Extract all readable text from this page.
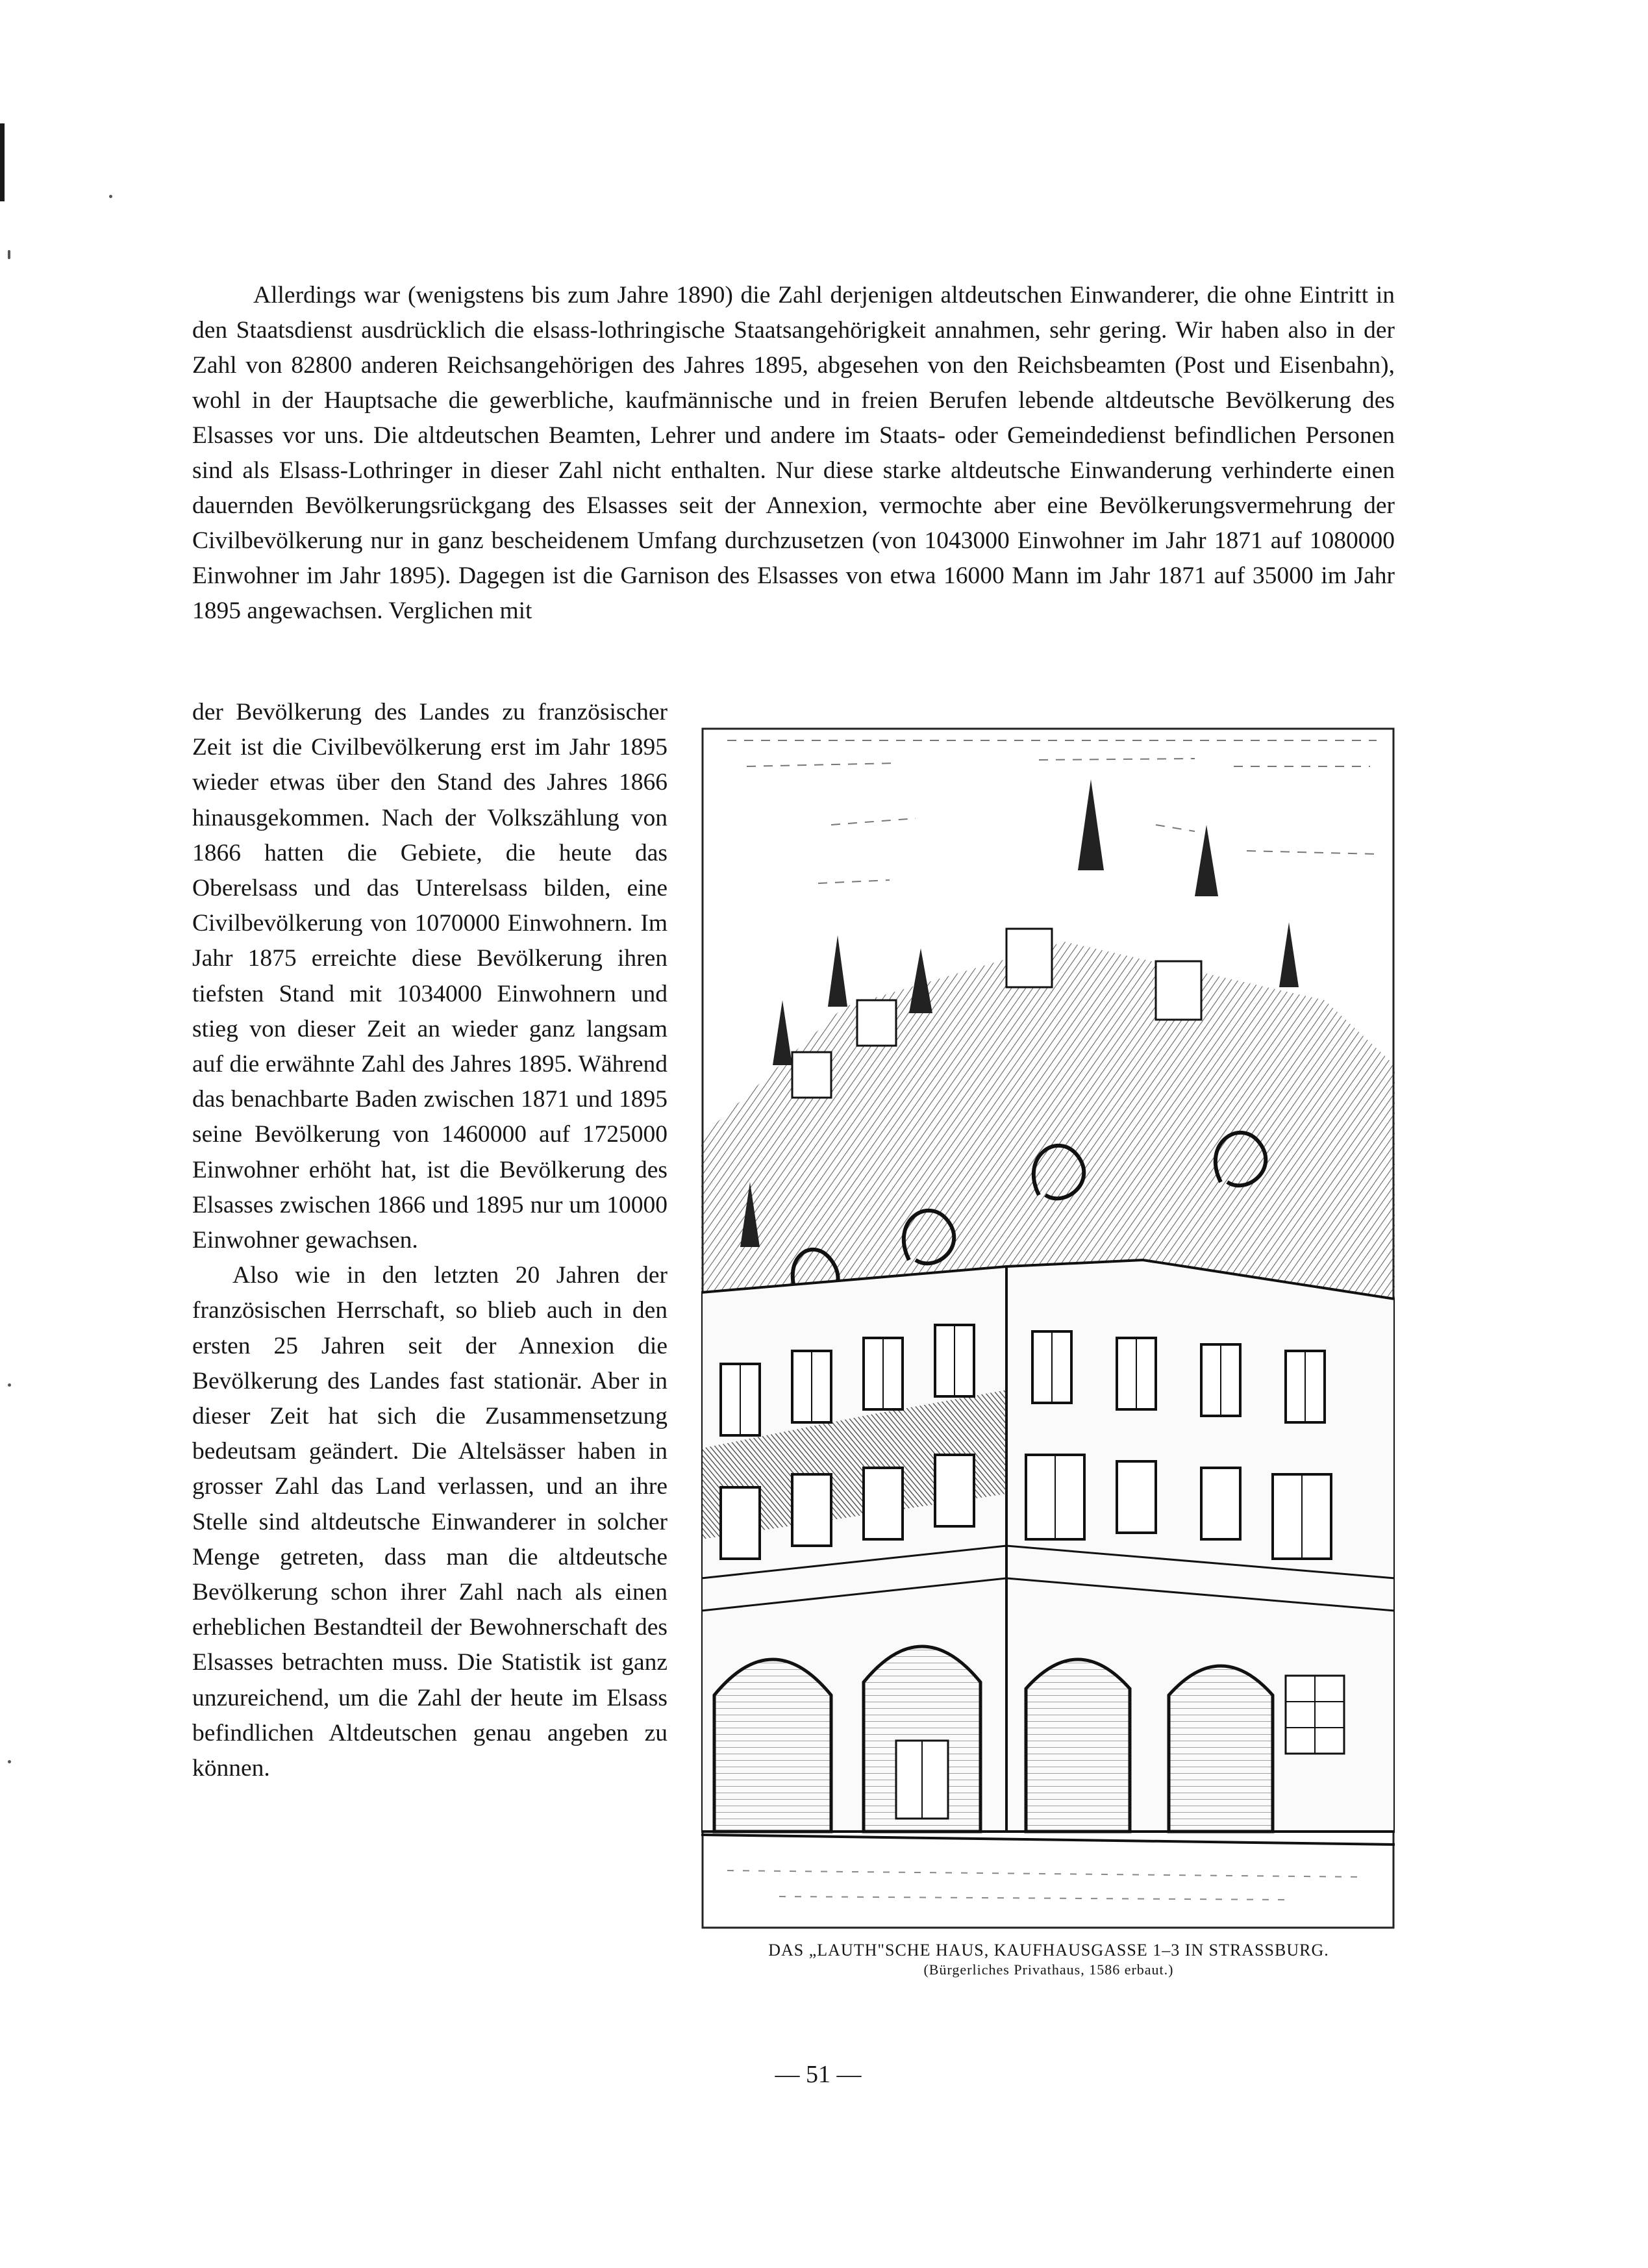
Allerdings war (wenigstens bis zum Jahre 1890) die Zahl derjenigen altdeutschen Einwanderer, die ohne Eintritt in den Staatsdienst ausdrücklich die elsass-lothringische Staatsangehörigkeit annahmen, sehr gering. Wir haben also in der Zahl von 82800 anderen Reichsangehörigen des Jahres 1895, abgesehen von den Reichsbeamten (Post und Eisenbahn), wohl in der Hauptsache die gewerbliche, kaufmännische und in freien Berufen lebende altdeutsche Bevölkerung des Elsasses vor uns. Die altdeutschen Beamten, Lehrer und andere im Staats- oder Gemeindedienst befindlichen Personen sind als Elsass-Lothringer in dieser Zahl nicht enthalten. Nur diese starke altdeutsche Einwanderung verhinderte einen dauernden Bevölkerungsrückgang des Elsasses seit der Annexion, vermochte aber eine Bevölkerungsvermehrung der Civilbevölkerung nur in ganz bescheidenem Umfang durchzusetzen (von 1043000 Einwohner im Jahr 1871 auf 1080000 Einwohner im Jahr 1895). Dagegen ist die Garnison des Elsasses von etwa 16000 Mann im Jahr 1871 auf 35000 im Jahr 1895 angewachsen. Verglichen mit

der Bevölkerung des Landes zu französischer Zeit ist die Civilbevölkerung erst im Jahr 1895 wieder etwas über den Stand des Jahres 1866 hinausgekommen. Nach der Volkszählung von 1866 hatten die Gebiete, die heute das Oberelsass und das Unterelsass bilden, eine Civilbevölkerung von 1070000 Einwohnern. Im Jahr 1875 erreichte diese Bevölkerung ihren tiefsten Stand mit 1034000 Einwohnern und stieg von dieser Zeit an wieder ganz langsam auf die erwähnte Zahl des Jahres 1895. Während das benachbarte Baden zwischen 1871 und 1895 seine Bevölkerung von 1460000 auf 1725000 Einwohner erhöht hat, ist die Bevölkerung des Elsasses zwischen 1866 und 1895 nur um 10000 Einwohner gewachsen.

Also wie in den letzten 20 Jahren der französischen Herrschaft, so blieb auch in den ersten 25 Jahren seit der Annexion die Bevölkerung des Landes fast stationär. Aber in dieser Zeit hat sich die Zusammensetzung bedeutsam geändert. Die Altelsässer haben in grosser Zahl das Land verlassen, und an ihre Stelle sind altdeutsche Einwanderer in solcher Menge getreten, dass man die altdeutsche Bevölkerung schon ihrer Zahl nach als einen erheblichen Bestandteil der Bewohnerschaft des Elsasses betrachten muss. Die Statistik ist ganz unzureichend, um die Zahl der heute im Elsass befindlichen Altdeutschen genau angeben zu können.

DAS „LAUTH"SCHE HAUS, KAUFHAUSGASSE 1–3 IN STRASSBURG.
(Bürgerliches Privathaus, 1586 erbaut.)
— 51 —
